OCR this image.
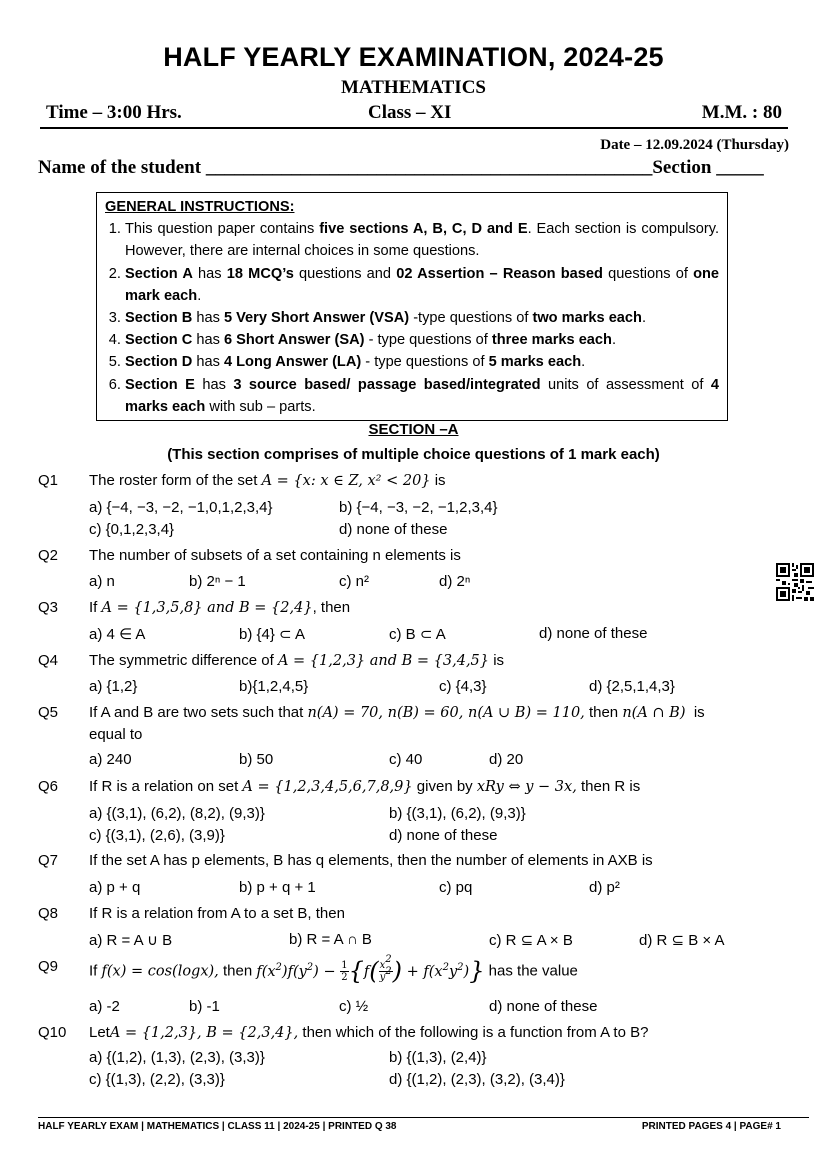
HALF YEARLY EXAMINATION, 2024-25
MATHEMATICS
Time – 3:00 Hrs.	Class – XI	M.M. : 80
Date – 12.09.2024 (Thursday)
Name of the student _______________________________________________Section _____
GENERAL INSTRUCTIONS:
1. This question paper contains five sections A, B, C, D and E. Each section is compulsory. However, there are internal choices in some questions.
2. Section A has 18 MCQ’s questions and 02 Assertion – Reason based questions of one mark each.
3. Section B has 5 Very Short Answer (VSA) -type questions of two marks each.
4. Section C has 6 Short Answer (SA) - type questions of three marks each.
5. Section D has 4 Long Answer (LA) - type questions of 5 marks each.
6. Section E has 3 source based/ passage based/integrated units of assessment of 4 marks each with sub – parts.
SECTION –A
(This section comprises of multiple choice questions of 1 mark each)
Q1 The roster form of the set A = {x: x ∈ Z, x² < 20} is
a) {−4, −3, −2, −1,0,1,2,3,4}	b) {−4, −3, −2, −1,2,3,4}
c) {0,1,2,3,4}	d) none of these
Q2 The number of subsets of a set containing n elements is
a) n	b) 2ⁿ − 1	c) n²	d) 2ⁿ
Q3 If A = {1,3,5,8} and B = {2,4}, then
a) 4 ∈ A	b) {4} ⊂ A	c) B ⊂ A	d) none of these
Q4 The symmetric difference of A = {1,2,3} and B = {3,4,5} is
a) {1,2}	b){1,2,4,5}	c) {4,3}	d) {2,5,1,4,3}
Q5 If A and B are two sets such that n(A) = 70, n(B) = 60, n(A ∪ B) = 110, then n(A ∩ B) is
equal to
a) 240	b) 50	c) 40	d) 20
Q6 If R is a relation on set A = {1,2,3,4,5,6,7,8,9} given by xRy ⇔ y − 3x, then R is
a) {(3,1), (6,2), (8,2), (9,3)}	b) {(3,1), (6,2), (9,3)}
c) {(3,1), (2,6), (3,9)}	d) none of these
Q7 If the set A has p elements, B has q elements, then the number of elements in AXB is
a) p + q	b) p + q + 1	c) pq	d) p²
Q8 If R is a relation from A to a set B, then
a) R = A ∪ B	b) R = A ∩ B	c) R ⊆ A × B	d) R ⊆ B × A
Q9 If f(x) = cos(logx), then $f(x^2)f(y^2) - \frac{1}{2} \{f( \frac{x^2}{y^2}$ ) + $f(x^2y^2)$} has the value
a) -2	b) -1	c) ½	d) none of these
Q10 LetA = {1,2,3}, B = {2,3,4}, then which of the following is a function from A to B?
a) {(1,2), (1,3), (2,3), (3,3)}	b) {(1,3), (2,4)}
c) {(1,3), (2,2), (3,3)}	d) {(1,2), (2,3), (3,2), (3,4)}
HALF YEARLY EXAM | MATHEMATICS | CLASS 11 | 2024-25 | PRINTED Q 38	PRINTED PAGES 4 | PAGE# 1
